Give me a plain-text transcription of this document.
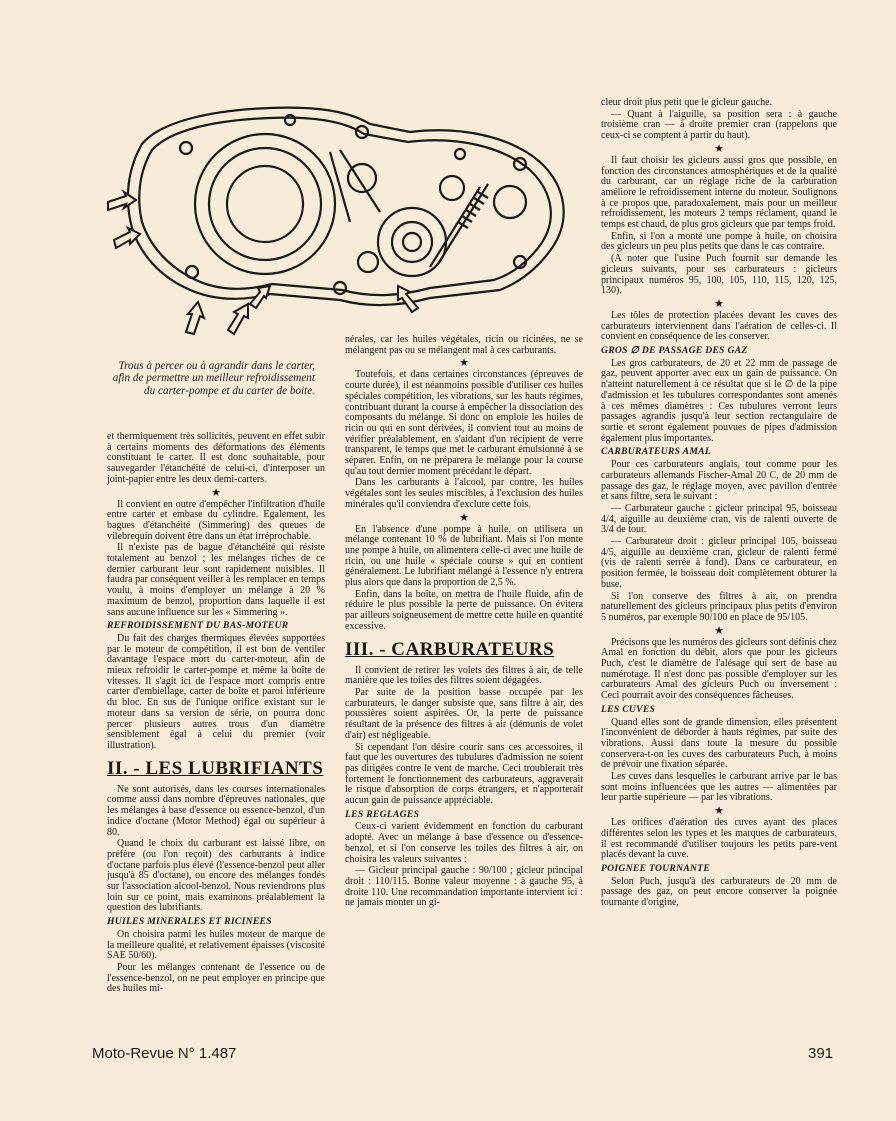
Trous à percer ou à agrandir dans le carter, afin de permettre un meilleur refroidissement du carter-pompe et du carter de boite.

et thermiquement très sollicités, peuvent en effet subir à certains moments des déformations des éléments constituant le carter. Il est donc souhaitable, pour sauvegarder l'étanchéité de celui-ci, d'interposer un joint-papier entre les deux demi-carters.

★

Il convient en outre d'empêcher l'infiltration d'huile entre carter et embase du cylindre. Egalement, les bagues d'étanchéité (Simmering) des queues de vilebrequin doivent être dans un état irréprochable.

Il n'existe pas de bague d'étanchéité qui résiste totalement au benzol ; les mélanges riches de ce dernier carburant leur sont rapidement nuisibles. Il faudra par conséquent veiller à les remplacer en temps voulu, à moins d'employer un mélange à 20 % maximum de benzol, proportion dans laquelle il est sans aucune influence sur les « Simmering ».

REFROIDISSEMENT DU BAS-MOTEUR

Du fait des charges thermiques élevées supportées par le moteur de compétition, il est bon de ventiler davantage l'espace mort du carter-moteur, afin de mieux refroidir le carter-pompe et même la boîte de vitesses. Il s'agit ici de l'espace mort compris entre carter d'embiellage, carter de boîte et paroi inférieure du bloc. En sus de l'unique orifice existant sur le moteur dans sa version de série, on pourra donc percer plusieurs autres trous d'un diamètre sensiblement égal à celui du premier (voir illustration).

II. - LES LUBRIFIANTS

Ne sont autorisés, dans les courses internationales comme aussi dans nombre d'épreuves nationales, que les mélanges à base d'essence ou essence-benzol, d'un indice d'octane (Motor Method) égal ou supérieur à 80.

Quand le choix du carburant est laissé libre, on préfère (ou l'on reçoit) des carburants à indice d'octane parfois plus élevé (l'essence-benzol peut aller jusqu'à 85 d'octane), ou encore des mélanges fondés sur l'association alcool-benzol. Nous reviendrons plus loin sur ce point, mais examinons préalablement la question des lubrifiants.

HUILES MINERALES ET RICINEES

On choisira parmi les huiles moteur de marque de la meilleure qualité, et relativement épaisses (viscosité SAE 50/60).

Pour les mélanges contenant de l'essence ou de l'essence-benzol, on ne peut employer en principe que des huiles mi-

nérales, car les huiles végétales, ricin ou ricinées, ne se mélangent pas ou se mélangent mal à ces carburants.

★

Toutefois, et dans certaines circonstances (épreuves de courte durée), il est néanmoins possible d'utiliser ces huiles spéciales compétition, les vibrations, sur les hauts régimes, contribuant durant la course à empêcher la dissociation des composants du mélange. Si donc on emploie les huiles de ricin ou qui en sont dérivées, il convient tout au moins de vérifier préalablement, en s'aidant d'un récipient de verre transparent, le temps que met le carburant émulsionné à se séparer. Enfin, on ne préparera le mélange pour la course qu'au tout dernier moment précédant le départ.

Dans les carburants à l'alcool, par contre, les huiles végétales sont les seules miscibles, à l'exclusion des huiles minérales qu'il conviendra d'exclure cette fois.

★

En l'absence d'une pompe à huile, on utilisera un mélange contenant 10 % de lubrifiant. Mais si l'on monte une pompe à huile, on alimentera celle-ci avec une huile de ricin, ou une huile « spéciale course » qui en contient généralement. Le lubrifiant mélangé à l'essence n'y entrera plus alors que dans la proportion de 2,5 %.

Enfin, dans la boîte, on mettra de l'huile fluide, afin de réduire le plus possible la perte de puissance. On évitera par ailleurs soigneusement de mettre cette huile en quantité excessive.

III. - CARBURATEURS

Il convient de retirer les volets des filtres à air, de telle manière que les toiles des filtres soient dégagées.

Par suite de la position basse occupée par les carburateurs, le danger subsiste que, sans filtre à air, des poussières soient aspirées. Or, la perte de puissance résultant de la présence des filtres à air (démunis de volet d'air) est négligeable.

Si cependant l'on désire courir sans ces accessoires, il faut que les ouvertures des tubulures d'admission ne soient pas dirigées contre le vent de marche. Ceci troublerait très fortement le fonctionnement des carburateurs, aggraverait le risque d'absorption de corps étrangers, et n'apporterait aucun gain de puissance appréciable.

LES REGLAGES

Ceux-ci varient évidemment en fonction du carburant adopté. Avec un mélange à base d'essence ou d'essence-benzol, et si l'on conserve les toiles des filtres à air, on choisira les valeurs suivantes :

— Gicleur principal gauche : 90/100 ; gicleur principal droit : 110/115. Bonne valeur moyenne : à gauche 95, à droite 110. Une recommandation importante intervient ici : ne jamais monter un gi-

cleur droit plus petit que le gicleur gauche.

— Quant à l'aiguille, sa position sera : à gauche troisième cran — à droite premier cran (rappelons que ceux-ci se comptent à partir du haut).

★

Il faut choisir les gicleurs aussi gros que possible, en fonction des circonstances atmosphériques et de la qualité du carburant, car un réglage riche de la carburation améliore le refroidissement interne du moteur. Soulignons à ce propos que, paradoxalement, mais pour un meilleur refroidissement, les moteurs 2 temps réclament, quand le temps est chaud, de plus gros gicleurs que par temps froid.

Enfin, si l'on a monté une pompe à huile, on choisira des gicleurs un peu plus petits que dans le cas contraire.

(A noter que l'usine Puch fournit sur demande les gicleurs suivants, pour ses carburateurs : gicleurs principaux numéros 95, 100, 105, 110, 115, 120, 125, 130).

★

Les tôles de protection placées devant les cuves des carburateurs interviennent dans l'aération de celles-ci. Il convient en conséquence de les conserver.

GROS ∅ DE PASSAGE DES GAZ

Les gros carburateurs, de 20 et 22 mm de passage de gaz, peuvent apporter avec eux un gain de puissance. On n'atteint naturellement à ce résultat que si le ∅ de la pipe d'admission et les tubulures correspondantes sont amenés à ces mêmes diamètres : Ces tubulures verront leurs passages agrandis jusqu'à leur section rectangulaire de sortie et seront également pouvues de pipes d'admission également plus importantes.

CARBURATEURS AMAL

Pour ces carburateurs anglais, tout comme pour les carburateurs allemands Fischer-Amal 20 C, de 20 mm de passage des gaz, le réglage moyen, avec pavillon d'entrée et sans filtre, sera le suivant :

— Carburateur gauche : gicleur principal 95, boisseau 4/4, aiguille au deuxième cran, vis de ralenti ouverte de 3/4 de tour.

— Carburateur droit : gicleur principal 105, boisseau 4/5, aiguille au deuxième cran, gicleur de ralenti fermé (vis de ralenti serrée à fond). Dans ce carburateur, en position fermée, le boisseau doit complètement obturer la buse.

Si l'on conserve des filtres à air, on prendra naturellement des gicleurs principaux plus petits d'environ 5 numéros, par exemple 90/100 en place de 95/105.

★

Précisons que les numéros des gicleurs sont définis chez Amal en fonction du débit, alors que pour les gicleurs Puch, c'est le diamètre de l'alésage qui sert de base au numérotage. Il n'est donc pas possible d'employer sur les carburateurs Amal des gicleurs Puch ou inversement : Ceci pourrait avoir des conséquences fâcheuses.

LES CUVES

Quand elles sont de grande dimension, elles présentent l'inconvénient de déborder à hauts régimes, par suite des vibrations. Aussi dans toute la mesure du possible conservera-t-on les cuves des carburateurs Puch, à moins de prévoir une fixation séparée.

Les cuves dans lesquelles le carburant arrive par le bas sont moins influencées que les autres — alimentées par leur partie supérieure — par les vibrations.

★

Les orifices d'aération des cuves ayant des places différentes selon les types et les marques de carburateurs, il est recommandé d'utiliser toujours les petits pare-vent placés devant la cuve.

POIGNEE TOURNANTE

Selon Puch, jusqu'à des carburateurs de 20 mm de passage des gaz, on peut encore conserver la poignée tournante d'origine,

Moto-Revue N° 1.487	391
